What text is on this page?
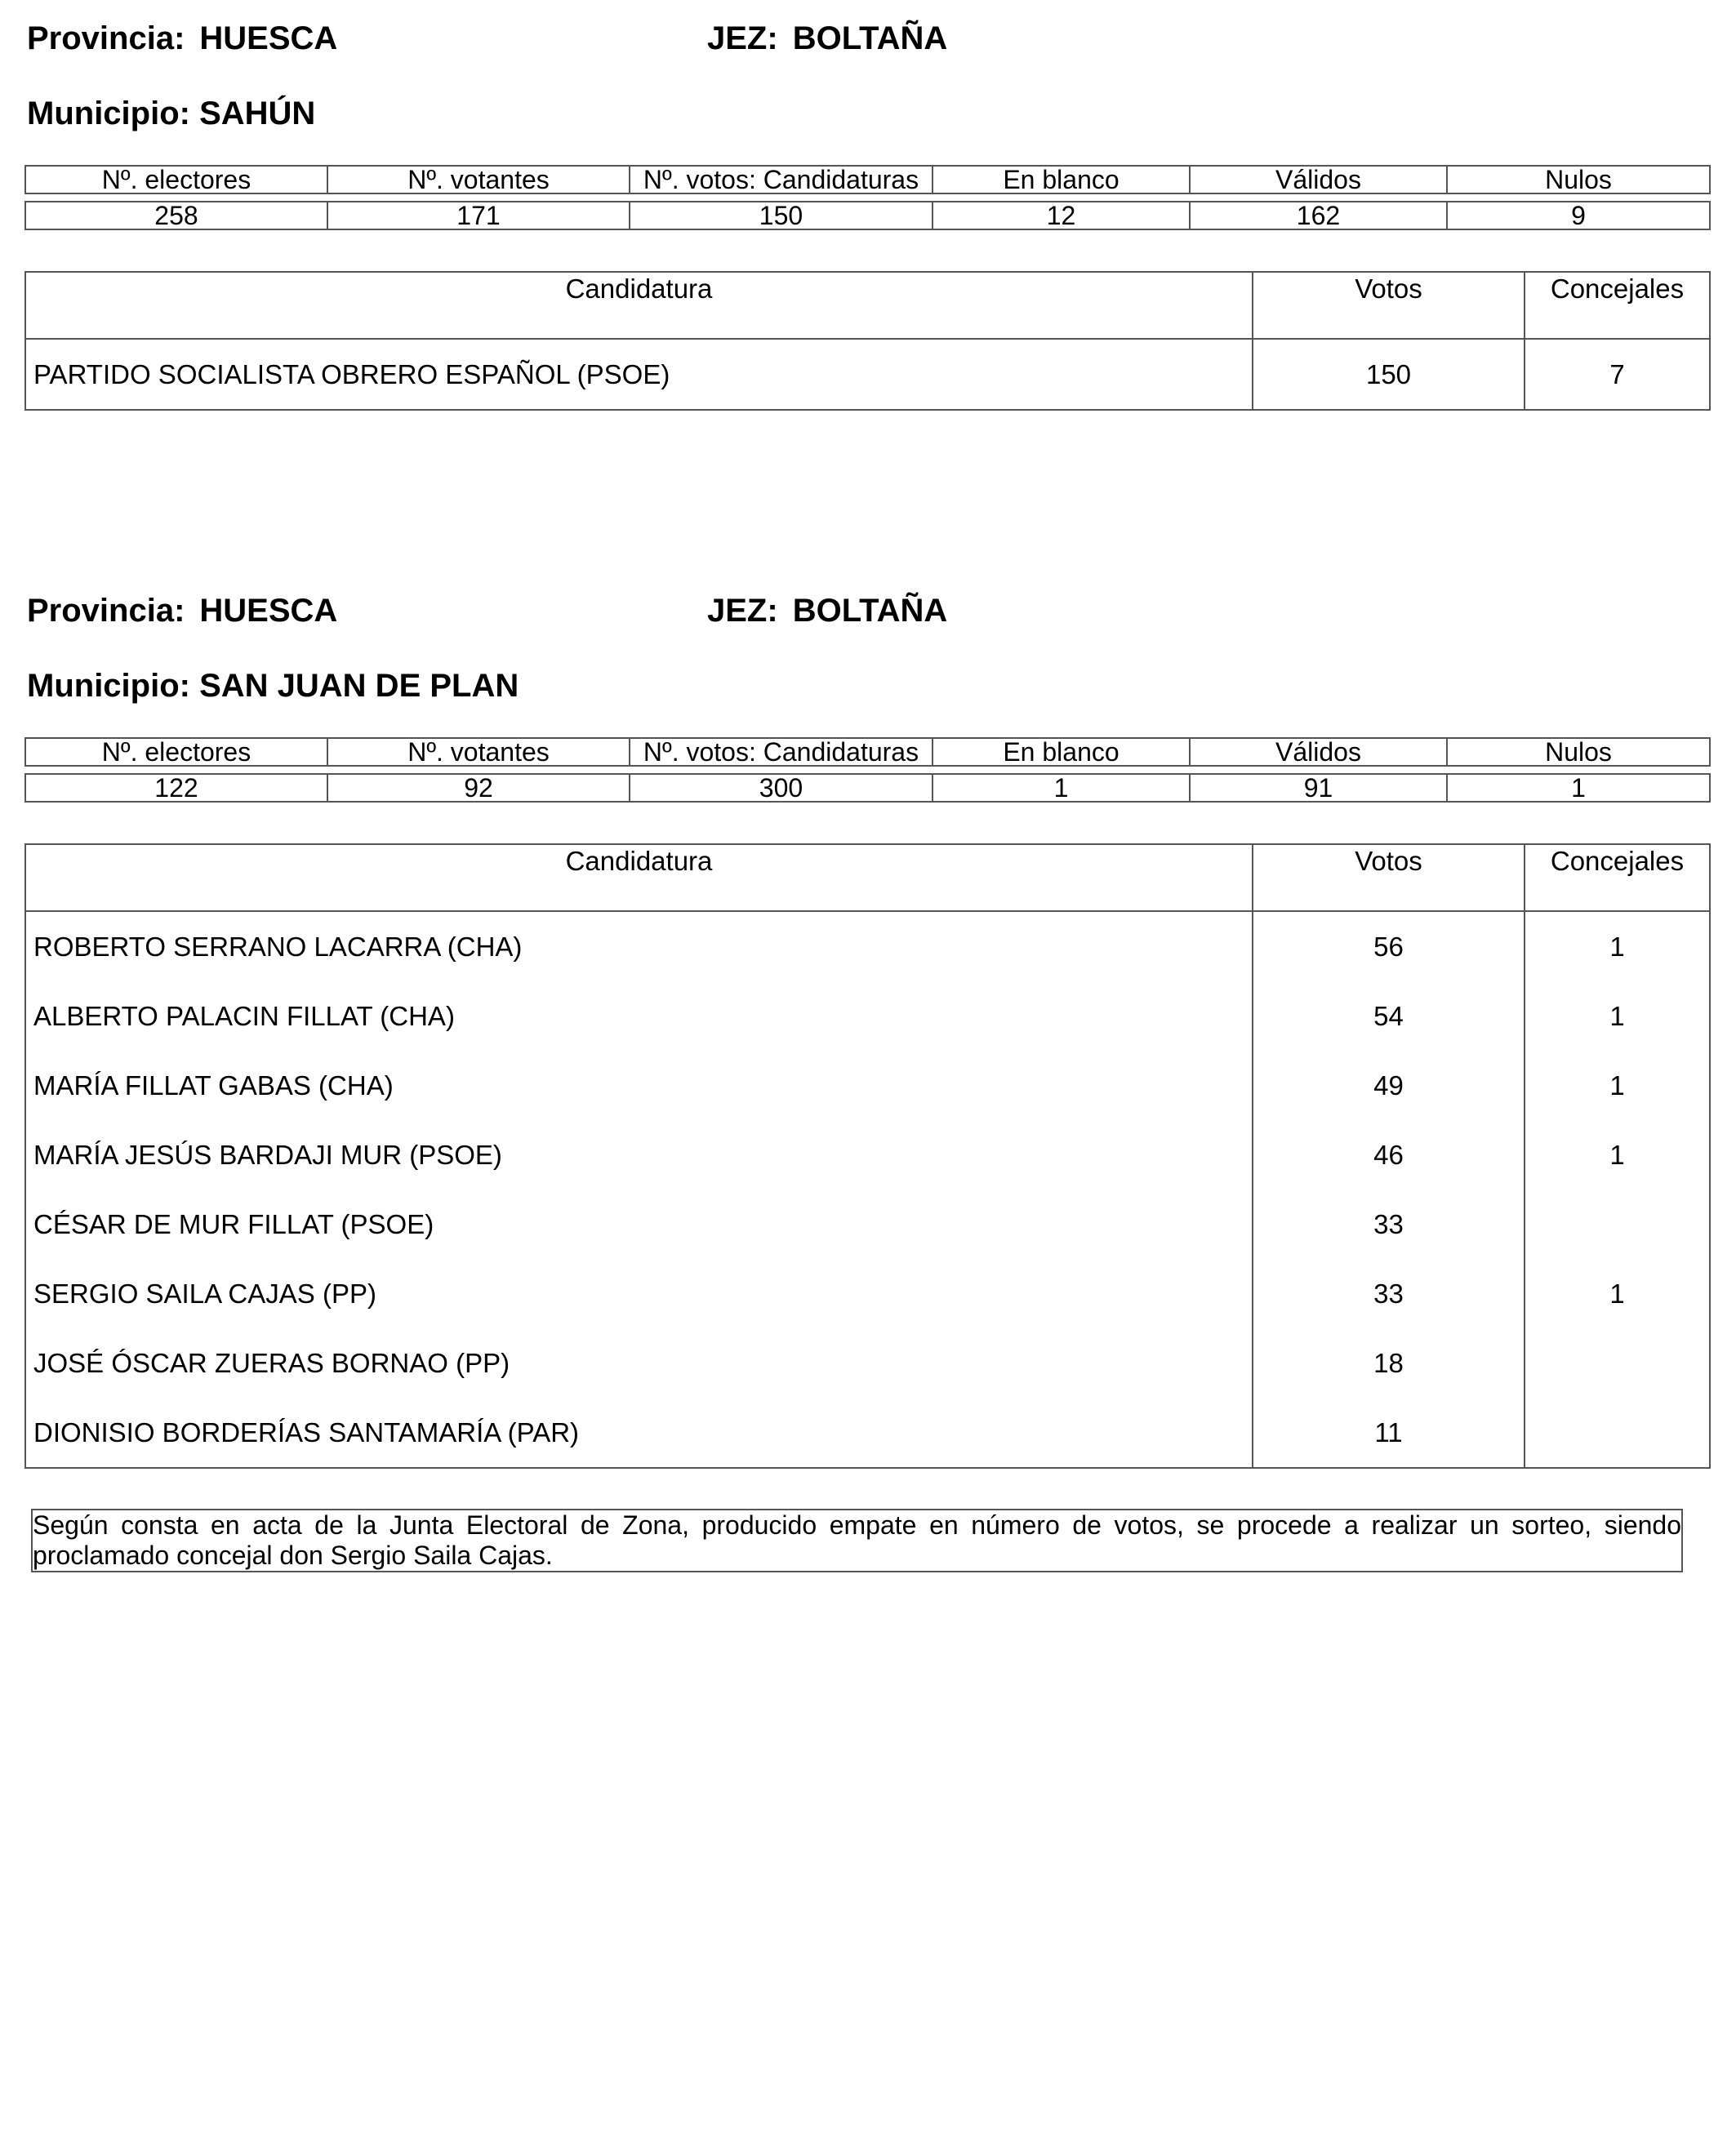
Provincia: HUESCA	JEZ: BOLTAÑA
Municipio: SAHÚN
Nº. electores	Nº. votantes	Nº. votos: Candidaturas	En blanco	Válidos	Nulos

258	171	150	12	162	9
Candidatura	Votos	Concejales
PARTIDO SOCIALISTA OBRERO ESPAÑOL (PSOE)	150	7
Provincia: HUESCA	JEZ: BOLTAÑA
Municipio: SAN JUAN DE PLAN
Nº. electores	Nº. votantes	Nº. votos: Candidaturas	En blanco	Válidos	Nulos

122	92	300	1	91	1
Candidatura	Votos	Concejales
ROBERTO SERRANO LACARRA (CHA)	56	1
ALBERTO PALACIN FILLAT (CHA)	54	1
MARÍA FILLAT GABAS (CHA)	49	1
MARÍA JESÚS BARDAJI MUR (PSOE)	46	1
CÉSAR DE MUR FILLAT (PSOE)	33	
SERGIO SAILA CAJAS (PP)	33	1
JOSÉ ÓSCAR ZUERAS BORNAO (PP)	18	
DIONISIO BORDERÍAS SANTAMARÍA (PAR)	11	
Según consta en acta de la Junta Electoral de Zona, producido empate en número de votos, se procede a realizar un sorteo, siendo proclamado concejal don Sergio Saila Cajas.
